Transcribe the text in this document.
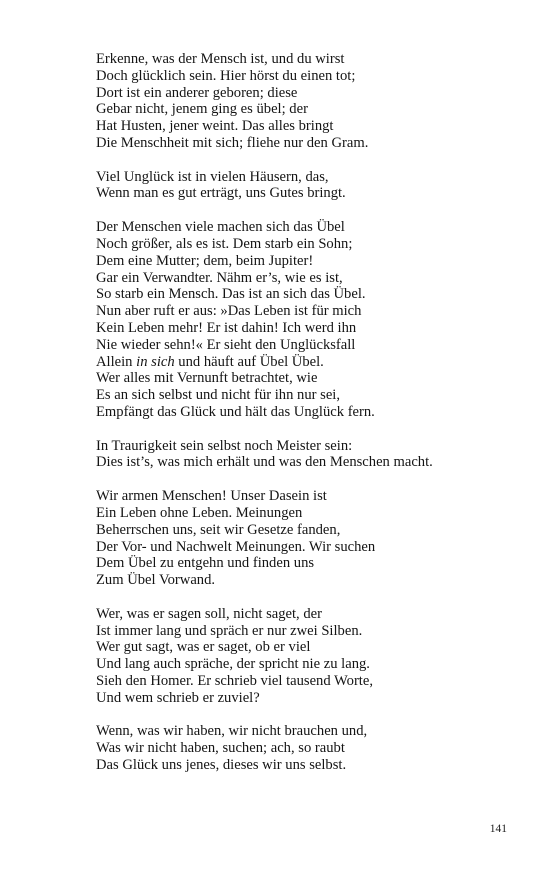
Erkenne, was der Mensch ist, und du wirst
Doch glücklich sein. Hier hörst du einen tot;
Dort ist ein anderer geboren; diese
Gebar nicht, jenem ging es übel; der
Hat Husten, jener weint. Das alles bringt
Die Menschheit mit sich; fliehe nur den Gram.
Viel Unglück ist in vielen Häusern, das,
Wenn man es gut erträgt, uns Gutes bringt.
Der Menschen viele machen sich das Übel
Noch größer, als es ist. Dem starb ein Sohn;
Dem eine Mutter; dem, beim Jupiter!
Gar ein Verwandter. Nähm er’s, wie es ist,
So starb ein Mensch. Das ist an sich das Übel.
Nun aber ruft er aus: »Das Leben ist für mich
Kein Leben mehr! Er ist dahin! Ich werd ihn
Nie wieder sehn!« Er sieht den Unglücksfall
Allein in sich und häuft auf Übel Übel.
Wer alles mit Vernunft betrachtet, wie
Es an sich selbst und nicht für ihn nur sei,
Empfängt das Glück und hält das Unglück fern.
In Traurigkeit sein selbst noch Meister sein:
Dies ist’s, was mich erhält und was den Menschen macht.
Wir armen Menschen! Unser Dasein ist
Ein Leben ohne Leben. Meinungen
Beherrschen uns, seit wir Gesetze fanden,
Der Vor- und Nachwelt Meinungen. Wir suchen
Dem Übel zu entgehn und finden uns
Zum Übel Vorwand.
Wer, was er sagen soll, nicht saget, der
Ist immer lang und spräch er nur zwei Silben.
Wer gut sagt, was er saget, ob er viel
Und lang auch spräche, der spricht nie zu lang.
Sieh den Homer. Er schrieb viel tausend Worte,
Und wem schrieb er zuviel?
Wenn, was wir haben, wir nicht brauchen und,
Was wir nicht haben, suchen; ach, so raubt
Das Glück uns jenes, dieses wir uns selbst.
141
